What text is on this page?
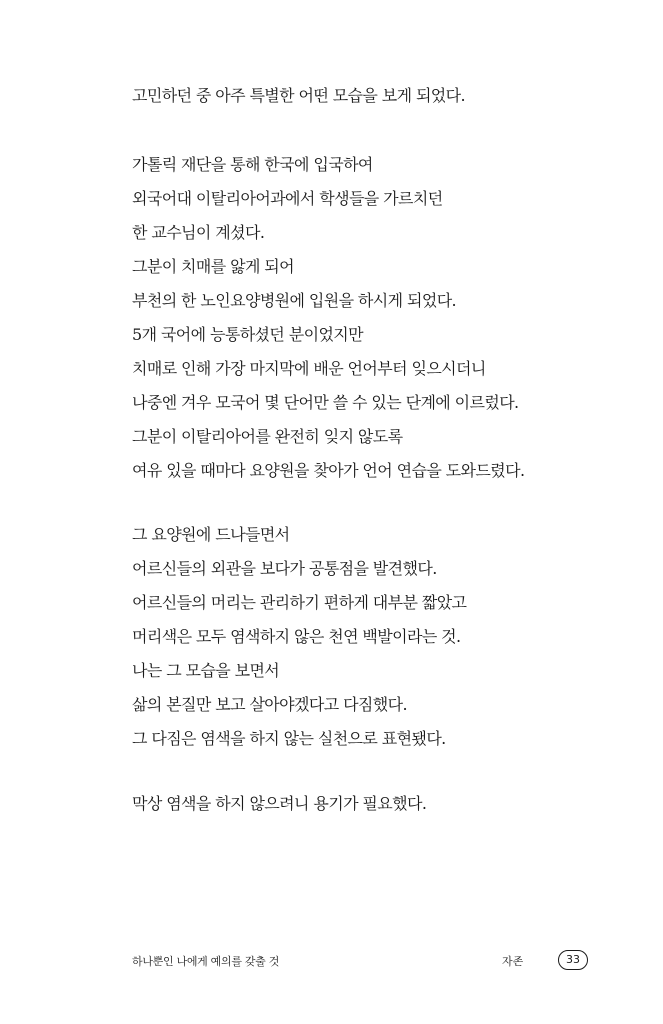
고민하던 중 아주 특별한 어떤 모습을 보게 되었다.
가톨릭 재단을 통해 한국에 입국하여
외국어대 이탈리아어과에서 학생들을 가르치던
한 교수님이 계셨다.
그분이 치매를 앓게 되어
부천의 한 노인요양병원에 입원을 하시게 되었다.
5개 국어에 능통하셨던 분이었지만
치매로 인해 가장 마지막에 배운 언어부터 잊으시더니
나중엔 겨우 모국어 몇 단어만 쓸 수 있는 단계에 이르렀다.
그분이 이탈리아어를 완전히 잊지 않도록
여유 있을 때마다 요양원을 찾아가 언어 연습을 도와드렸다.
그 요양원에 드나들면서
어르신들의 외관을 보다가 공통점을 발견했다.
어르신들의 머리는 관리하기 편하게 대부분 짧았고
머리색은 모두 염색하지 않은 천연 백발이라는 것.
나는 그 모습을 보면서
삶의 본질만 보고 살아야겠다고 다짐했다.
그 다짐은 염색을 하지 않는 실천으로 표현됐다.
막상 염색을 하지 않으려니 용기가 필요했다.
하나뿐인 나에게 예의를 갖출 것	자존	33
